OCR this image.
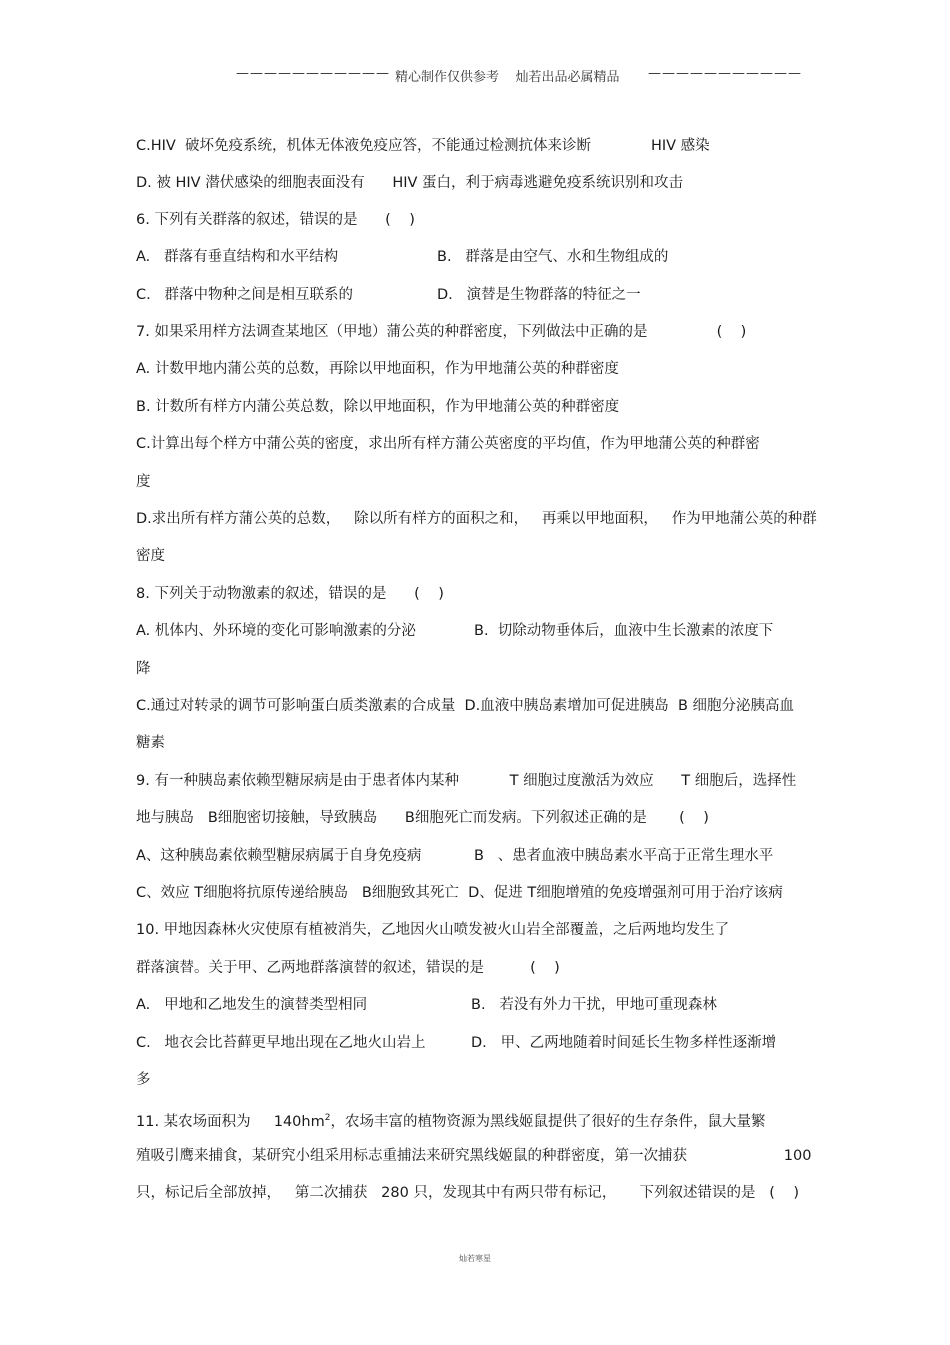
——————————— 精心制作仅供参考    灿若出品必属精品 ———————————
C.HIV  破坏免疫系统，机体无体液免疫应答，不能通过检测抗体来诊断             HIV 感染
D. 被 HIV 潜伏感染的细胞表面没有      HIV 蛋白，利于病毒逃避免疫系统识别和攻击
6. 下列有关群落的叙述，错误的是      (    )
A.   群落有垂直结构和水平结构	B.   群落是由空气、水和生物组成的
C.   群落中物种之间是相互联系的	D.   演替是生物群落的特征之一
7. 如果采用样方法调查某地区（甲地）蒲公英的种群密度，下列做法中正确的是               (    )
A. 计数甲地内蒲公英的总数，再除以甲地面积，作为甲地蒲公英的种群密度
B. 计数所有样方内蒲公英总数，除以甲地面积，作为甲地蒲公英的种群密度
C.计算出每个样方中蒲公英的密度，求出所有样方蒲公英密度的平均值，作为甲地蒲公英的种群密
度
D.求出所有样方蒲公英的总数，   除以所有样方的面积之和，   再乘以甲地面积，   作为甲地蒲公英的种群
密度
8. 下列关于动物激素的叙述，错误的是      (    )
A. 机体内、外环境的变化可影响激素的分泌	B.  切除动物垂体后，血液中生长激素的浓度下
降
C.通过对转录的调节可影响蛋白质类激素的合成量  D.血液中胰岛素增加可促进胰岛  B 细胞分泌胰高血
糖素
9. 有一种胰岛素依赖型糖尿病是由于患者体内某种           T 细胞过度激活为效应      T 细胞后，选择性
地与胰岛   B细胞密切接触，导致胰岛      B细胞死亡而发病。下列叙述正确的是       (    )
A、这种胰岛素依赖型糖尿病属于自身免疫病	B   、患者血液中胰岛素水平高于正常生理水平
C、效应 T细胞将抗原传递给胰岛   B细胞致其死亡  D、促进 T细胞增殖的免疫增强剂可用于治疗该病
10. 甲地因森林火灾使原有植被消失，乙地因火山喷发被火山岩全部覆盖，之后两地均发生了
群落演替。关于甲、乙两地群落演替的叙述，错误的是          (    )
A.   甲地和乙地发生的演替类型相同	B.   若没有外力干扰，甲地可重现森林
C.   地衣会比苔藓更早地出现在乙地火山岩上	D.   甲、乙两地随着时间延长生物多样性逐渐增
多
11. 某农场面积为     $140hm^2$，农场丰富的植物资源为黑线姬鼠提供了很好的生存条件，鼠大量繁
殖吸引鹰来捕食，某研究小组采用标志重捕法来研究黑线姬鼠的种群密度，第一次捕获                     100
只，标记后全部放掉，   第二次捕获   280 只，发现其中有两只带有标记，     下列叙述错误的是   (    )
灿若寒星
